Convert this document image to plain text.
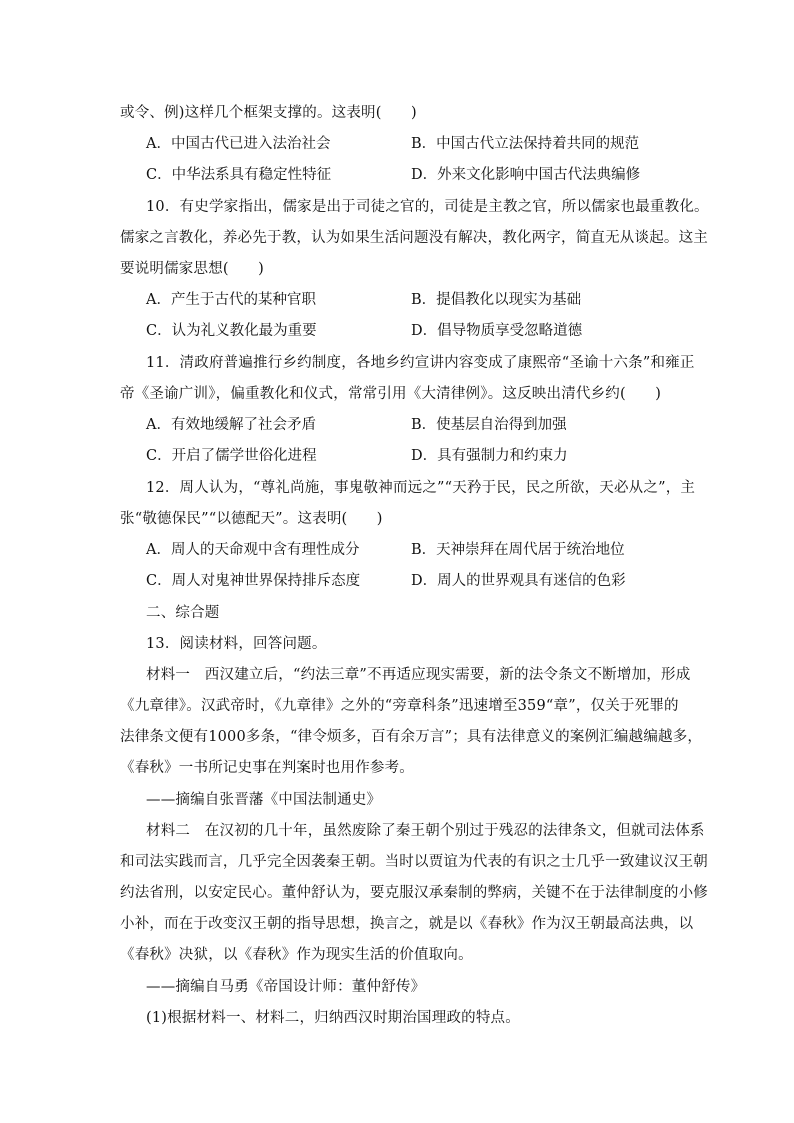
或令、例)这样几个框架支撑的。这表明(　　)
A．中国古代已进入法治社会	B．中国古代立法保持着共同的规范
C．中华法系具有稳定性特征	D．外来文化影响中国古代法典编修
10．有史学家指出，儒家是出于司徒之官的，司徒是主教之官，所以儒家也最重教化。
儒家之言教化，养必先于教，认为如果生活问题没有解决，教化两字，简直无从谈起。这主
要说明儒家思想(　　)
A．产生于古代的某种官职	B．提倡教化以现实为基础
C．认为礼义教化最为重要	D．倡导物质享受忽略道德
11．清政府普遍推行乡约制度，各地乡约宣讲内容变成了康熙帝“圣谕十六条”和雍正
帝《圣谕广训》，偏重教化和仪式，常常引用《大清律例》。这反映出清代乡约(　　)
A．有效地缓解了社会矛盾	B．使基层自治得到加强
C．开启了儒学世俗化进程	D．具有强制力和约束力
12．周人认为，“尊礼尚施，事鬼敬神而远之”“天矜于民，民之所欲，天必从之”，主
张“敬德保民”“以德配天”。这表明(　　)
A．周人的天命观中含有理性成分	B．天神崇拜在周代居于统治地位
C．周人对鬼神世界保持排斥态度	D．周人的世界观具有迷信的色彩
二、综合题
13．阅读材料，回答问题。
材料一　西汉建立后，“约法三章”不再适应现实需要，新的法令条文不断增加，形成
《九章律》。汉武帝时，《九章律》之外的“旁章科条”迅速增至359“章”，仅关于死罪的
法律条文便有1000多条，“律令烦多，百有余万言”；具有法律意义的案例汇编越编越多，
《春秋》一书所记史事在判案时也用作参考。
——摘编自张晋藩《中国法制通史》
材料二　在汉初的几十年，虽然废除了秦王朝个别过于残忍的法律条文，但就司法体系
和司法实践而言，几乎完全因袭秦王朝。当时以贾谊为代表的有识之士几乎一致建议汉王朝
约法省刑，以安定民心。董仲舒认为，要克服汉承秦制的弊病，关键不在于法律制度的小修
小补，而在于改变汉王朝的指导思想，换言之，就是以《春秋》作为汉王朝最高法典，以
《春秋》决狱，以《春秋》作为现实生活的价值取向。
——摘编自马勇《帝国设计师：董仲舒传》
(1)根据材料一、材料二，归纳西汉时期治国理政的特点。
